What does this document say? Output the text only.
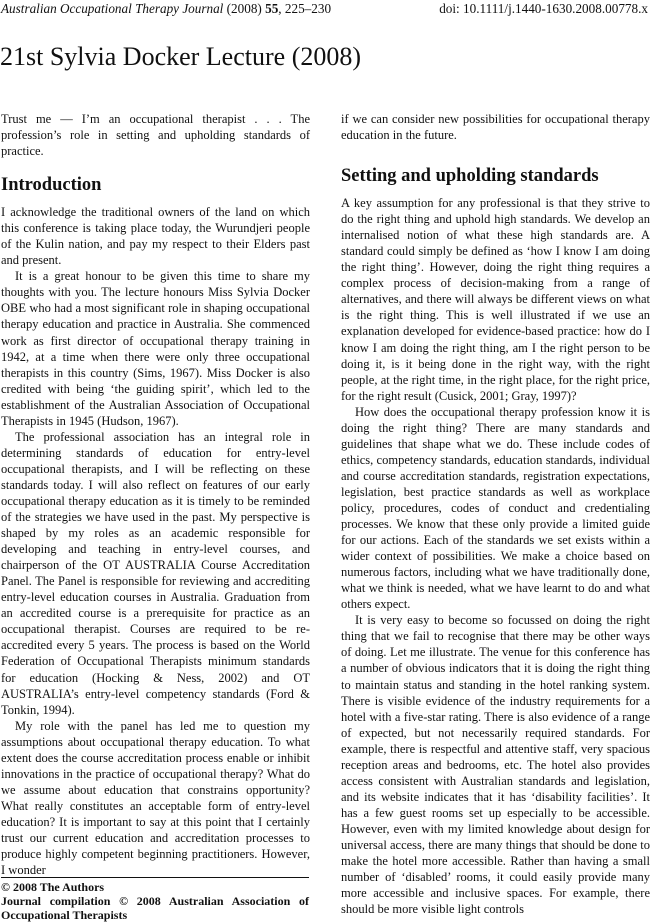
Australian Occupational Therapy Journal (2008) 55, 225–230	doi: 10.1111/j.1440-1630.2008.00778.x
21st Sylvia Docker Lecture (2008)

Trust me — I’m an occupational therapist . . . The profession’s role in setting and upholding standards of practice.

Introduction

I acknowledge the traditional owners of the land on which this conference is taking place today, the Wurundjeri people of the Kulin nation, and pay my respect to their Elders past and present.

It is a great honour to be given this time to share my thoughts with you. The lecture honours Miss Sylvia Docker OBE who had a most significant role in shaping occupational therapy education and practice in Australia. She commenced work as first director of occupational therapy training in 1942, at a time when there were only three occupational therapists in this country (Sims, 1967). Miss Docker is also credited with being ‘the guiding spirit’, which led to the establishment of the Australian Association of Occupational Therapists in 1945 (Hudson, 1967).

The professional association has an integral role in determining standards of education for entry-level occupational therapists, and I will be reflecting on these standards today. I will also reflect on features of our early occupational therapy education as it is timely to be reminded of the strategies we have used in the past. My perspective is shaped by my roles as an academic responsible for developing and teaching in entry-level courses, and chairperson of the OT AUSTRALIA Course Accreditation Panel. The Panel is responsible for reviewing and accrediting entry-level education courses in Australia. Graduation from an accredited course is a prerequisite for practice as an occupational therapist. Courses are required to be re-accredited every 5 years. The process is based on the World Federation of Occupational Therapists minimum standards for education (Hocking & Ness, 2002) and OT AUSTRALIA’s entry-level competency standards (Ford & Tonkin, 1994).

My role with the panel has led me to question my assumptions about occupational therapy education. To what extent does the course accreditation process enable or inhibit innovations in the practice of occupational therapy? What do we assume about education that constrains opportunity? What really constitutes an acceptable form of entry-level education? It is important to say at this point that I certainly trust our current education and accreditation processes to produce highly competent beginning practitioners. However, I wonder

if we can consider new possibilities for occupational therapy education in the future.

Setting and upholding standards

A key assumption for any professional is that they strive to do the right thing and uphold high standards. We develop an internalised notion of what these high standards are. A standard could simply be defined as ‘how I know I am doing the right thing’. However, doing the right thing requires a complex process of decision-making from a range of alternatives, and there will always be different views on what is the right thing. This is well illustrated if we use an explanation developed for evidence-based practice: how do I know I am doing the right thing, am I the right person to be doing it, is it being done in the right way, with the right people, at the right time, in the right place, for the right price, for the right result (Cusick, 2001; Gray, 1997)?

How does the occupational therapy profession know it is doing the right thing? There are many standards and guidelines that shape what we do. These include codes of ethics, competency standards, education standards, individual and course accreditation standards, registration expectations, legislation, best practice standards as well as workplace policy, procedures, codes of conduct and credentialing processes. We know that these only provide a limited guide for our actions. Each of the standards we set exists within a wider context of possibilities. We make a choice based on numerous factors, including what we have traditionally done, what we think is needed, what we have learnt to do and what others expect.

It is very easy to become so focussed on doing the right thing that we fail to recognise that there may be other ways of doing. Let me illustrate. The venue for this conference has a number of obvious indicators that it is doing the right thing to maintain status and standing in the hotel ranking system. There is visible evidence of the industry requirements for a hotel with a five-star rating. There is also evidence of a range of expected, but not necessarily required standards. For example, there is respectful and attentive staff, very spacious reception areas and bedrooms, etc. The hotel also provides access consistent with Australian standards and legislation, and its website indicates that it has ‘disability facilities’. It has a few guest rooms set up especially to be accessible. However, even with my limited knowledge about design for universal access, there are many things that should be done to make the hotel more accessible. Rather than having a small number of ‘disabled’ rooms, it could easily provide many more accessible and inclusive spaces. For example, there should be more visible light controls

© 2008 The Authors
Journal compilation © 2008 Australian Association of Occupational Therapists
